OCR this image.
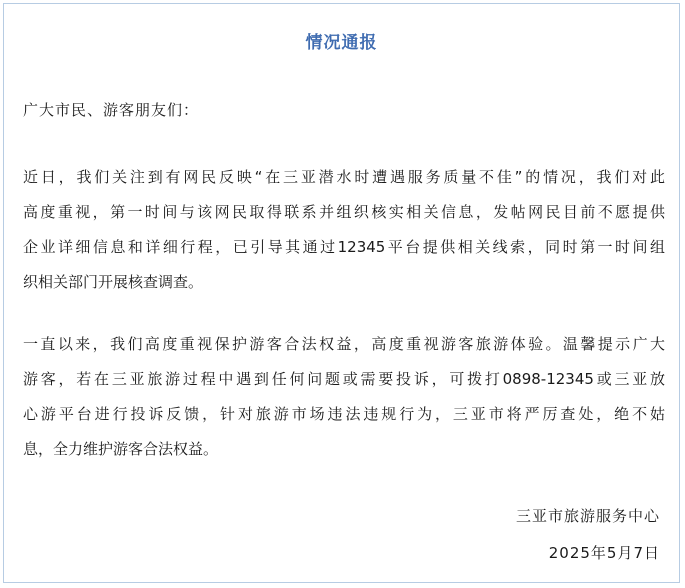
情况通报
广大市民、游客朋友们：
近日，我们关注到有网民反映“在三亚潜水时遭遇服务质量不佳”的情况，我们对此
高度重视，第一时间与该网民取得联系并组织核实相关信息，发帖网民目前不愿提供
企业详细信息和详细行程，已引导其通过12345平台提供相关线索，同时第一时间组
织相关部门开展核查调查。
一直以来，我们高度重视保护游客合法权益，高度重视游客旅游体验。温馨提示广大
游客，若在三亚旅游过程中遇到任何问题或需要投诉，可拨打0898-12345或三亚放
心游平台进行投诉反馈，针对旅游市场违法违规行为，三亚市将严厉查处，绝不姑
息，全力维护游客合法权益。
三亚市旅游服务中心
2025年5月7日
